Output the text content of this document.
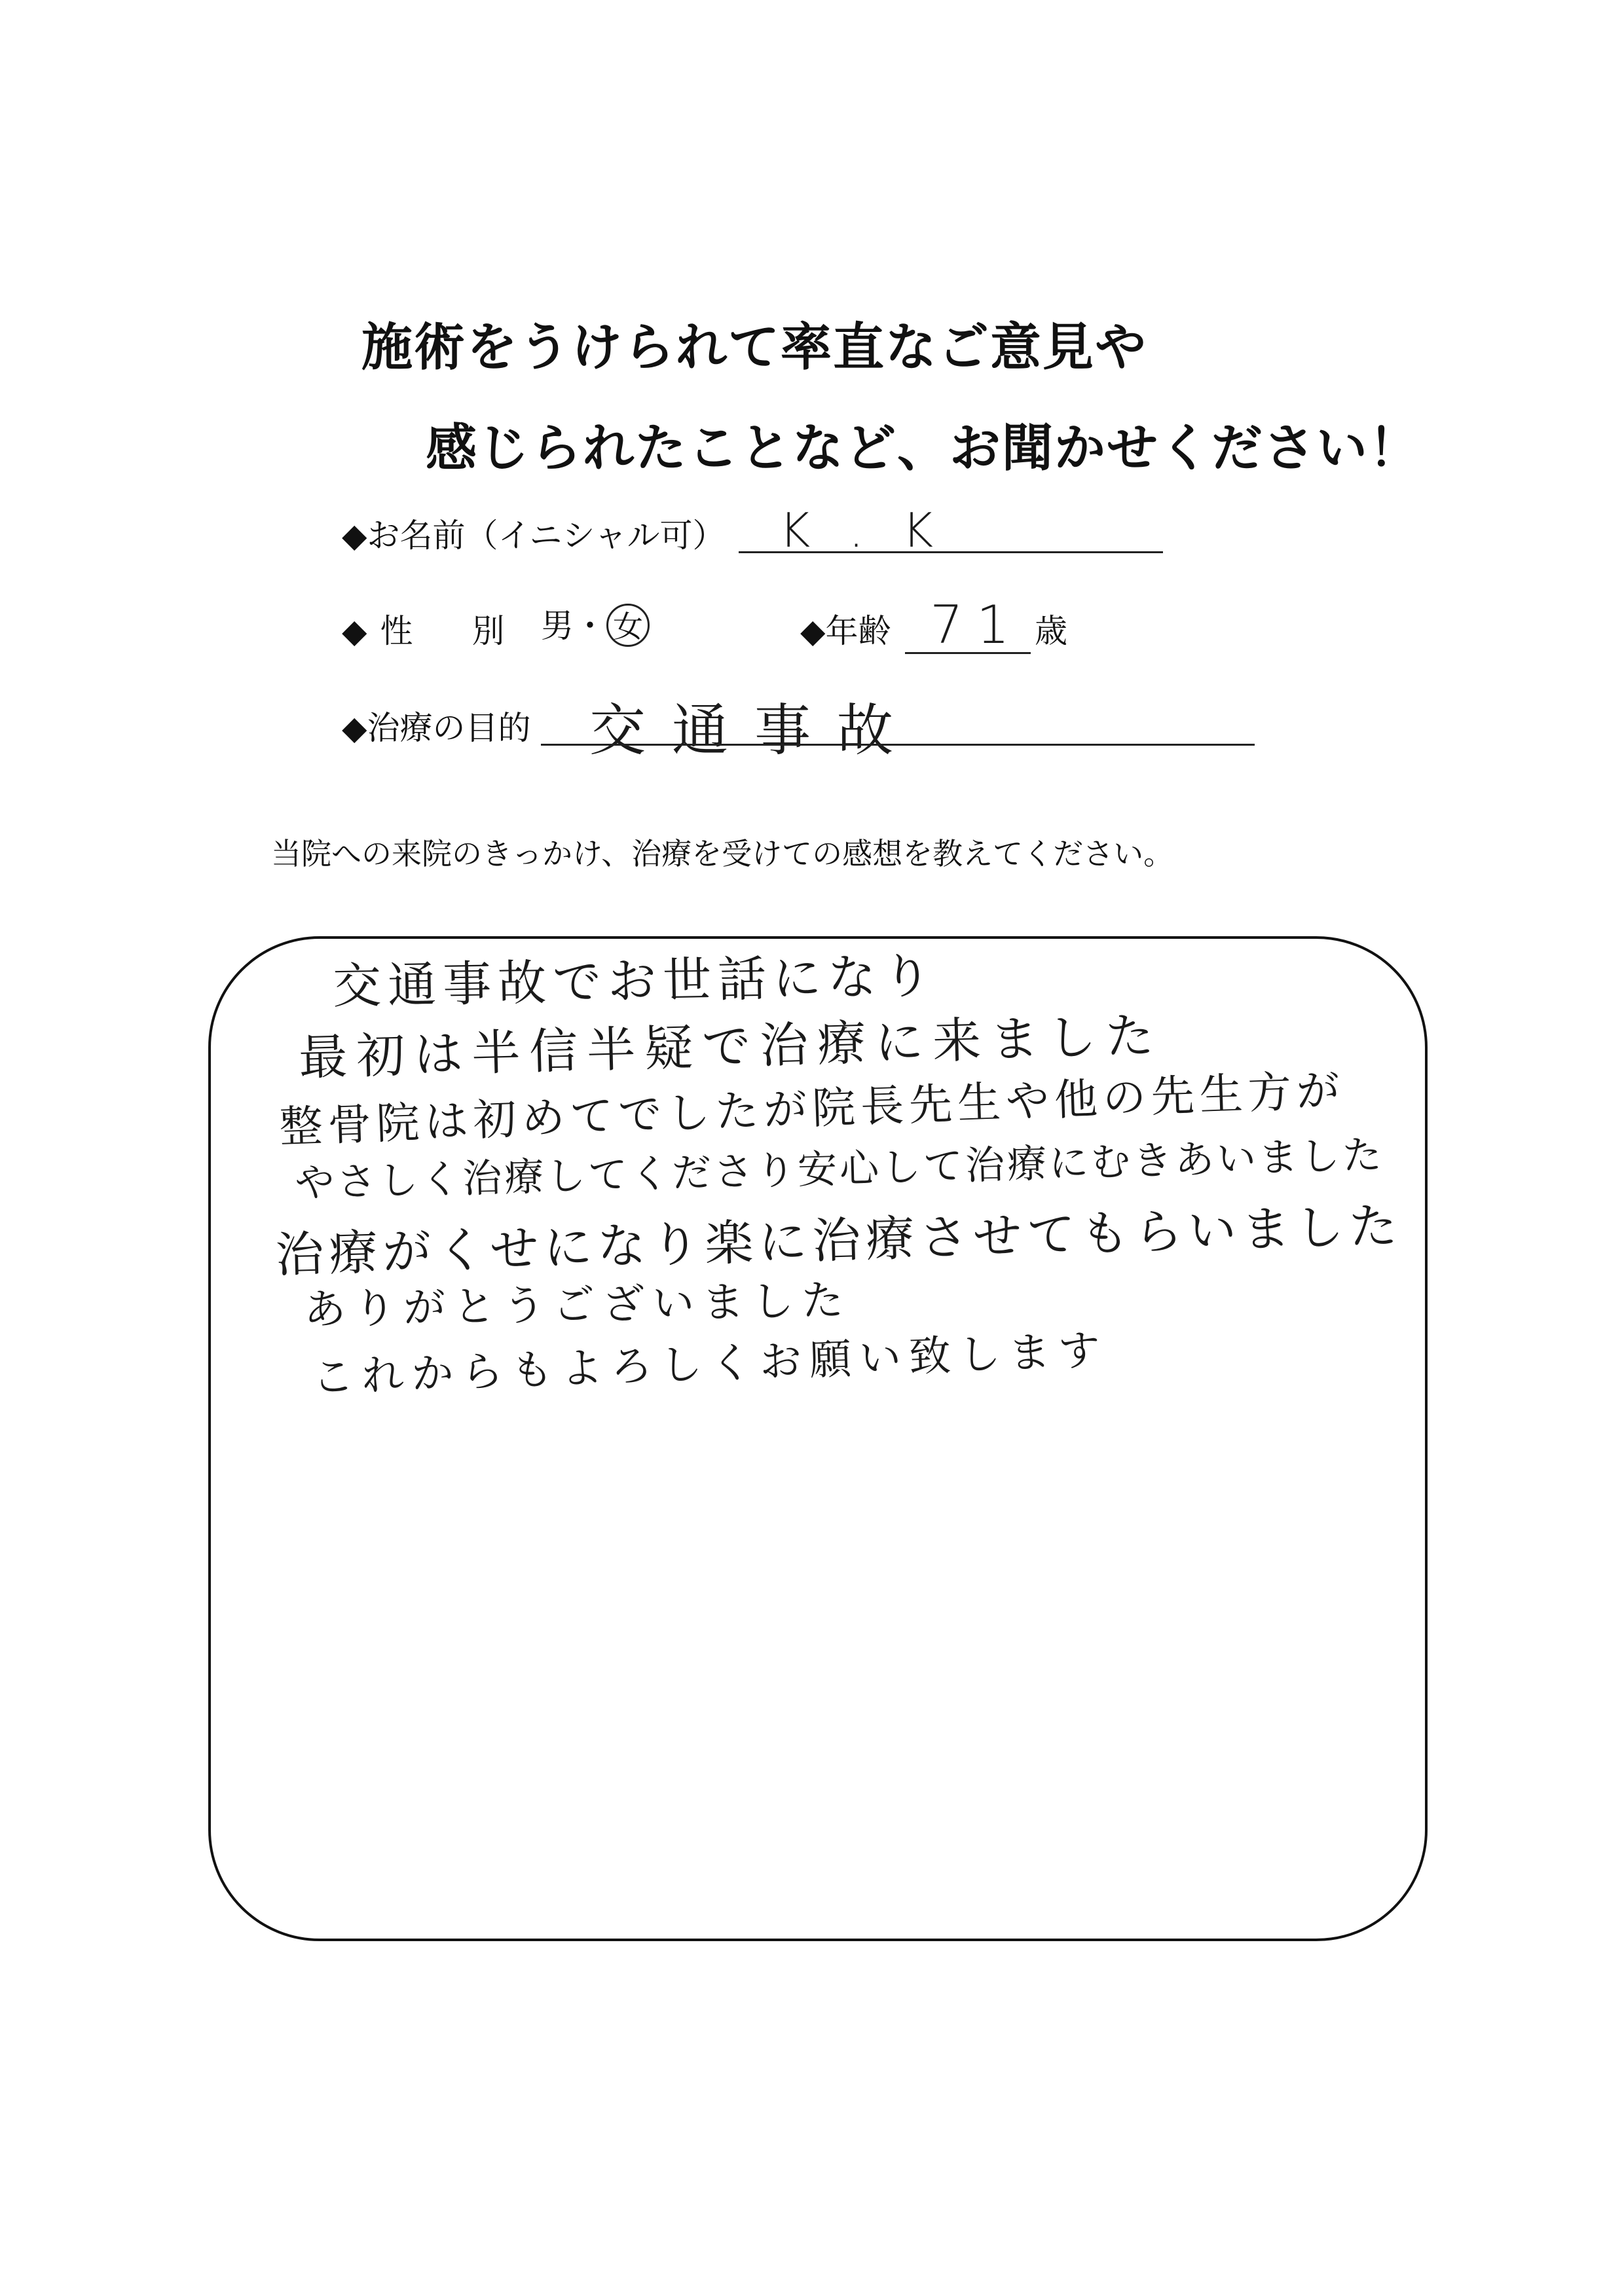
施術をうけられて率直なご意見や
感じられたことなど、お聞かせください！
◆お名前（イニシャル可） K . K
◆性　別 男・ 女	◆年齢 71 歳
◆治療の目的 交通事故
当院への来院のきっかけ、治療を受けての感想を教えてください。
交通事故でお世話になり
最初は半信半疑で治療に来ました
整骨院は初めてでしたが院長先生や他の先生方が
やさしく治療してくださり安心して治療にむきあいました
治療がくせになり楽に治療させてもらいました
ありがとうございました
これからもよろしくお願い致します
